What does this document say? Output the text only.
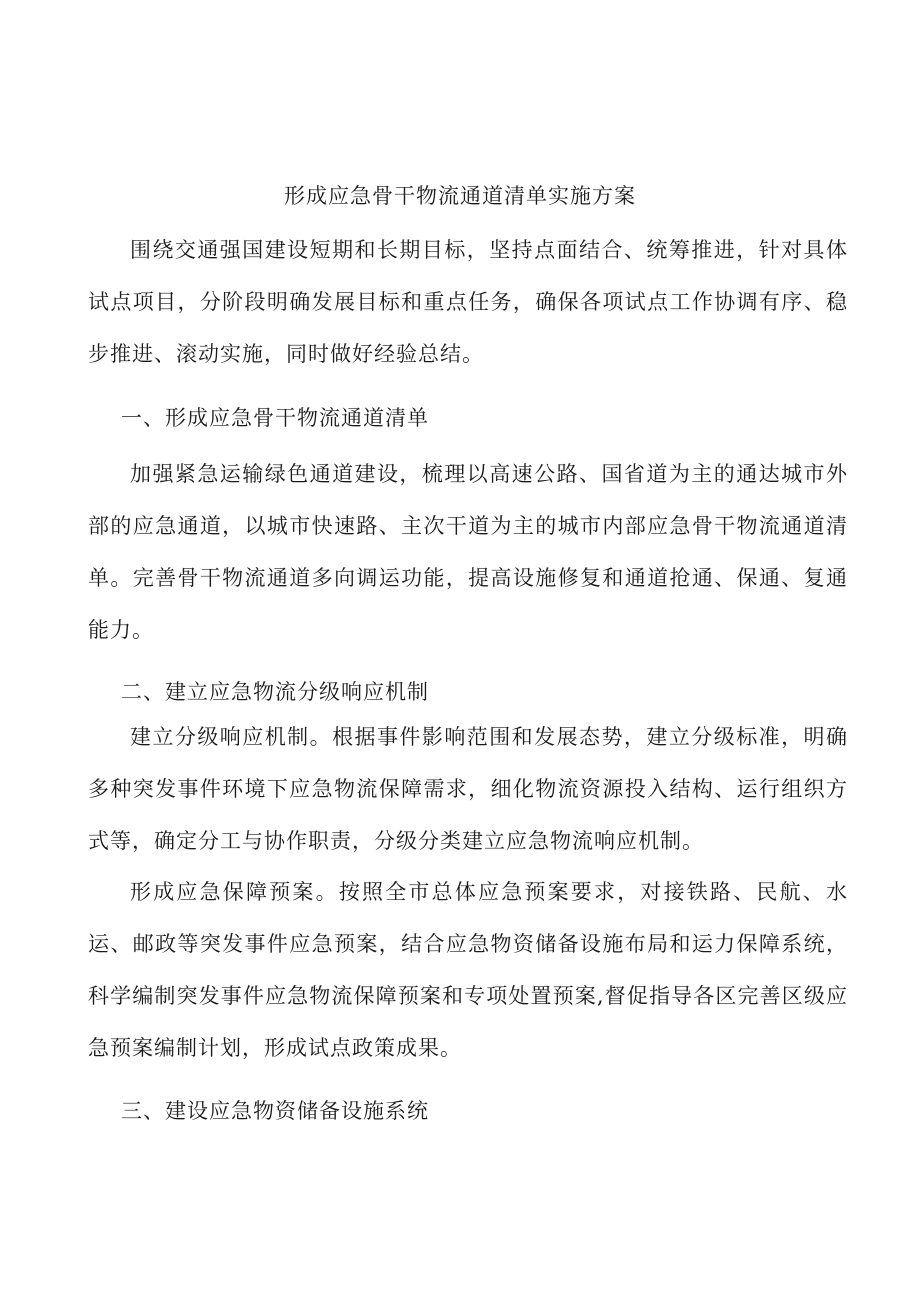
形成应急骨干物流通道清单实施方案
围绕交通强国建设短期和长期目标，坚持点面结合、统筹推进，针对具体试点项目，分阶段明确发展目标和重点任务，确保各项试点工作协调有序、稳步推进、滚动实施，同时做好经验总结。
一、形成应急骨干物流通道清单
加强紧急运输绿色通道建设，梳理以高速公路、国省道为主的通达城市外部的应急通道，以城市快速路、主次干道为主的城市内部应急骨干物流通道清单。完善骨干物流通道多向调运功能，提高设施修复和通道抢通、保通、复通能力。
二、建立应急物流分级响应机制
建立分级响应机制。根据事件影响范围和发展态势，建立分级标准，明确多种突发事件环境下应急物流保障需求，细化物流资源投入结构、运行组织方式等，确定分工与协作职责，分级分类建立应急物流响应机制。
形成应急保障预案。按照全市总体应急预案要求，对接铁路、民航、水运、邮政等突发事件应急预案，结合应急物资储备设施布局和运力保障系统，科学编制突发事件应急物流保障预案和专项处置预案,督促指导各区完善区级应急预案编制计划，形成试点政策成果。
三、建设应急物资储备设施系统
